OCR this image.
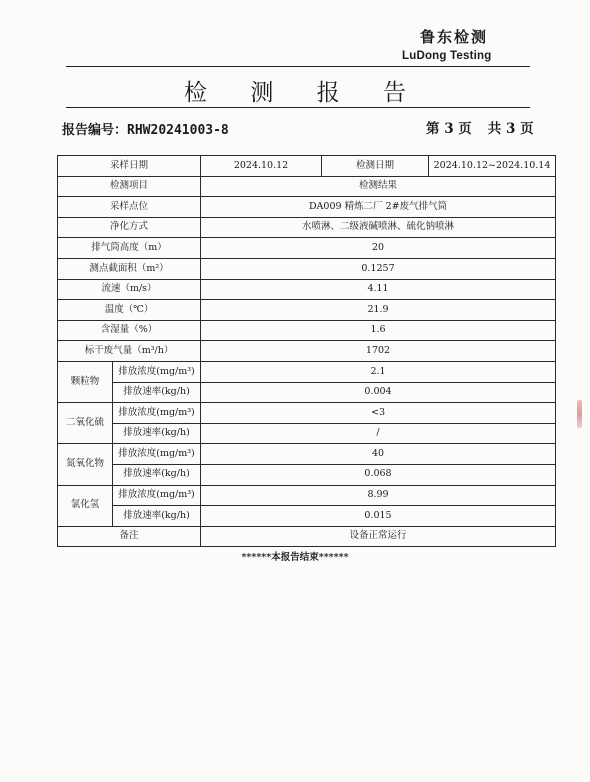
鲁东检测
LuDong Testing
检 测 报 告
报告编号：RHW20241003-8	第 3 页 共 3 页
采样日期		2024.10.12	检测日期	2024.10.12~2024.10.14
检测项目		检测结果		
采样点位		DA009 精炼二厂 2#废气排气筒		
净化方式		水喷淋、二级液碱喷淋、硫化钠喷淋		
排气筒高度（m）		20		
测点截面积（m²）		0.1257		
流速（m/s）		4.11		
温度（℃）		21.9		
含湿量（%）		1.6		
标干废气量（m³/h）		1702		
颗粒物	排放浓度(mg/m³)	2.1		
	排放速率(kg/h)	0.004		
二氧化硫	排放浓度(mg/m³)	<3		
	排放速率(kg/h)	/		
氮氧化物	排放浓度(mg/m³)	40		
	排放速率(kg/h)	0.068		
氯化氢	排放浓度(mg/m³)	8.99		
	排放速率(kg/h)	0.015		
备注		设备正常运行		
******本报告结束******
